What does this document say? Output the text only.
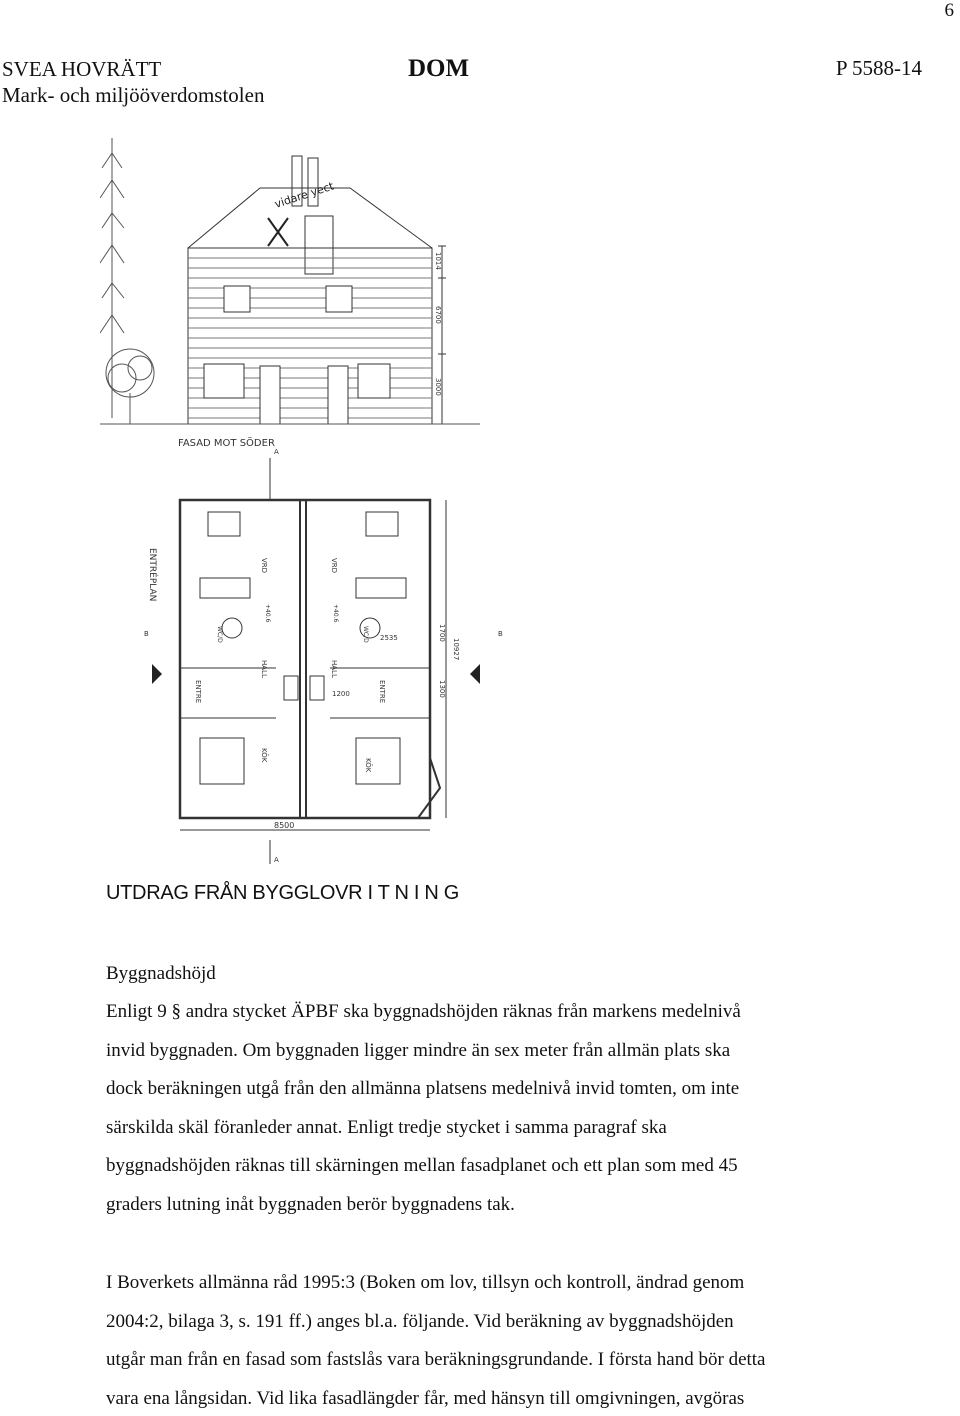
6
SVEA HOVRÄTT
Mark- och miljööverdomstolen
DOM	P 5588-14
FASAD MOT SÖDER
ENTRÉPLAN
vidare yect
1014
6700
3000
8500
10927
1700
1300
2535
1200
VRD	VRD
HALL	HALL
ENTRE	ENTRE
KÖK
KÖK
WC/D	WC/D
+40.6	+40.6
B	B
A
A
UTDRAG FRÅN BYGGLOVR I T N I N G
Byggnadshöjd
Enligt 9 § andra stycket ÄPBF ska byggnadshöjden räknas från markens medelnivå
invid byggnaden. Om byggnaden ligger mindre än sex meter från allmän plats ska
dock beräkningen utgå från den allmänna platsens medelnivå invid tomten, om inte
särskilda skäl föranleder annat. Enligt tredje stycket i samma paragraf ska
byggnadshöjden räknas till skärningen mellan fasadplanet och ett plan som med 45
graders lutning inåt byggnaden berör byggnadens tak.
I Boverkets allmänna råd 1995:3 (Boken om lov, tillsyn och kontroll, ändrad genom
2004:2, bilaga 3, s. 191 ff.) anges bl.a. följande. Vid beräkning av byggnadshöjden
utgår man från en fasad som fastslås vara beräkningsgrundande. I första hand bör detta
vara ena långsidan. Vid lika fasadlängder får, med hänsyn till omgivningen, avgöras
